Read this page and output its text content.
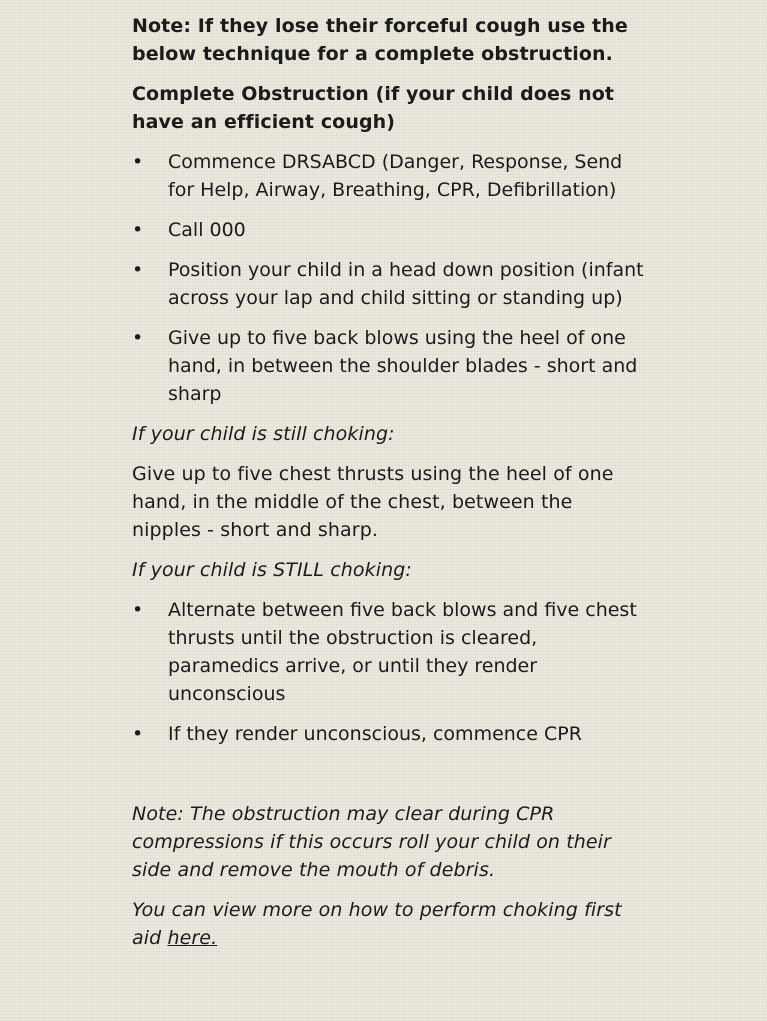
Note: If they lose their forceful cough use the below technique for a complete obstruction.

Complete Obstruction (if your child does not have an efficient cough)

• Commence DRSABCD (Danger, Response, Send for Help, Airway, Breathing, CPR, Defibrillation)
• Call 000
• Position your child in a head down position (infant across your lap and child sitting or standing up)
• Give up to five back blows using the heel of one hand, in between the shoulder blades - short and sharp

If your child is still choking:

Give up to five chest thrusts using the heel of one hand, in the middle of the chest, between the nipples - short and sharp.

If your child is STILL choking:

• Alternate between five back blows and five chest thrusts until the obstruction is cleared, paramedics arrive, or until they render unconscious
• If they render unconscious, commence CPR

Note: The obstruction may clear during CPR compressions if this occurs roll your child on their side and remove the mouth of debris.

You can view more on how to perform choking first aid here.
